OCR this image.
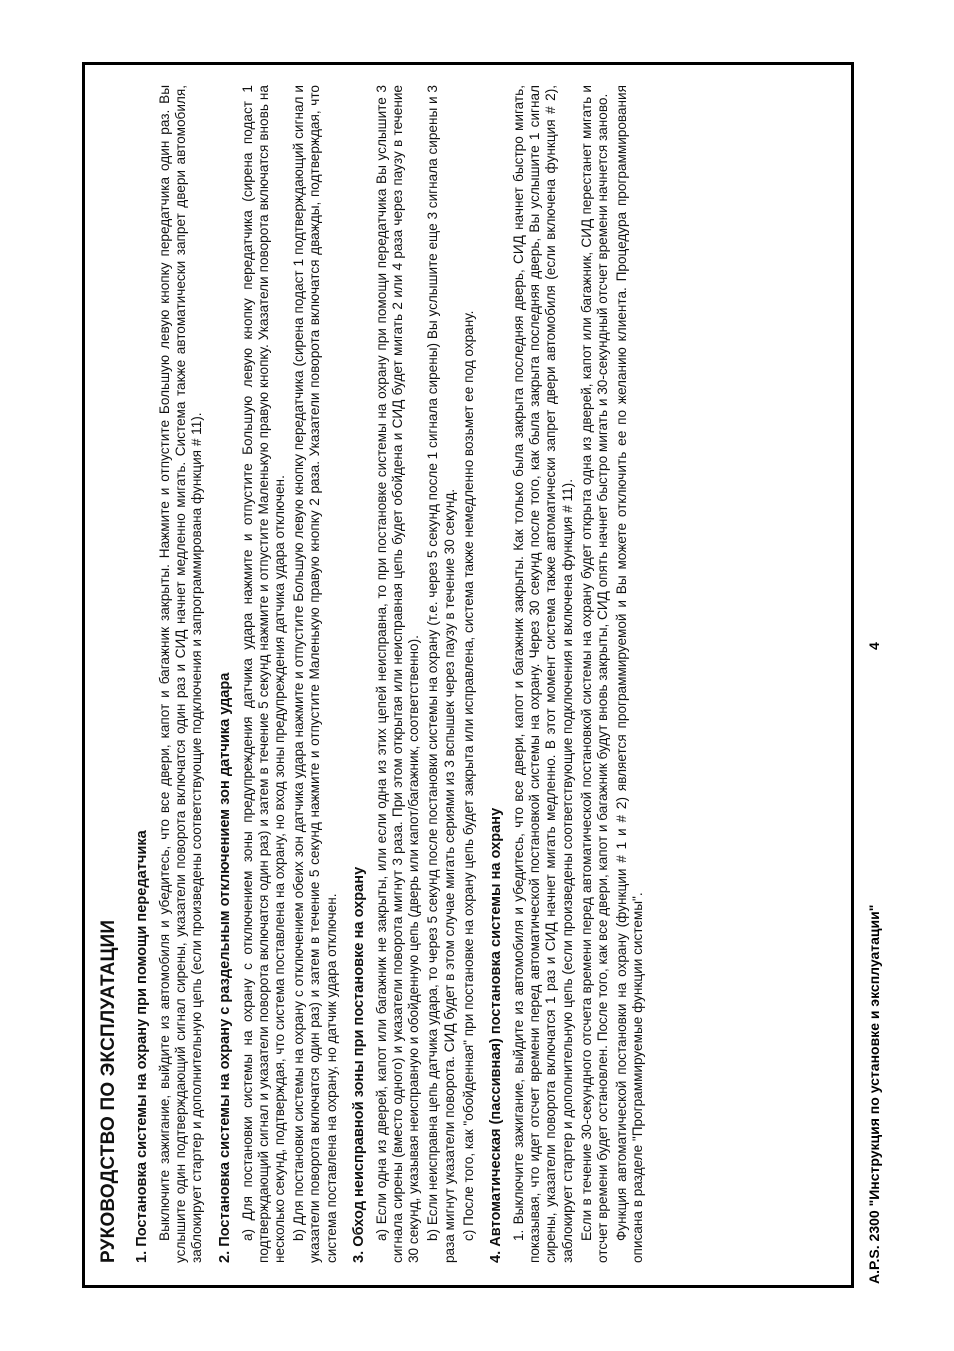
РУКОВОДСТВО ПО ЭКСПЛУАТАЦИИ 1. Постановка системы на охрану при помощи передатчика Выключите зажигание, выйдите из автомобиля и убедитесь, что все двери, капот и багажник закрыты. Нажмите и отпустите Большую левую кнопку передатчика один раз. Вы услышите один подтверждающий сигнал сирены, указатели поворота включатся один раз и СИД начнет медленно мигать. Система также автоматически запрет двери автомобиля, заблокирует стартер и дополнительную цепь (если произведены соответствующие подключения и запрограммирована функция # 11). 2. Постановка системы на охрану с раздельным отключением зон датчика удара a) Для постановки системы на охрану с отключением зоны предупреждения датчика удара нажмите и отпустите Большую левую кнопку передатчика (сирена подаст 1 подтверждающий сигнал и указатели поворота включатся один раз) и затем в течение 5 секунд нажмите и отпустите Маленькую правую кнопку. Указатели поворота включатся вновь на несколько секунд, подтверждая, что система поставлена на охрану, но вход зоны предупреждения датчика удара отключен. b) Для постановки системы на охрану с отключением обеих зон датчика удара нажмите и отпустите Большую левую кнопку передатчика (сирена подаст 1 подтверждающий сигнал и указатели поворота включатся один раз) и затем в течение 5 секунд нажмите и отпустите Маленькую правую кнопку 2 раза. Указатели поворота включатся дважды, подтверждая, что система поставлена на охрану, но датчик удара отключен. 3. Обход неисправной зоны при постановке на охрану a) Если одна из дверей, капот или багажник не закрыты, или если одна из этих цепей неисправна, то при постановке системы на охрану при помощи передатчика Вы услышите 3 сигнала сирены (вместо одного) и указатели поворота мигнут 3 раза. При этом открытая или неисправная цепь будет обойдена и СИД будет мигать 2 или 4 раза через паузу в течение 30 секунд, указывая неисправную и обойденную цепь (дверь или капот/багажник, соответственно). b) Если неисправна цепь датчика удара, то через 5 секунд после постановки системы на охрану (т.е. через 5 секунд после 1 сигнала сирены) Вы услышите еще 3 сигнала сирены и 3 раза мигнут указатели поворота. СИД будет в этом случае мигать сериями из 3 вспышек через паузу в течение 30 секунд. c) После того, как "обойденная" при постановке на охрану цепь будет закрыта или исправлена, система также немедленно возьмет ее под охрану. 4. Автоматическая (пассивная) постановка системы на охрану 1. Выключите зажигание, выйдите из автомобиля и убедитесь, что все двери, капот и багажник закрыты. Как только была закрыта последняя дверь, СИД начнет быстро мигать, показывая, что идет отсчет времени перед автоматической постановкой системы на охрану. Через 30 секунд после того, как была закрыта последняя дверь, Вы услышите 1 сигнал сирены, указатели поворота включатся 1 раз и СИД начнет мигать медленно. В этот момент система также автоматически запрет двери автомобиля (если включена функция # 2), заблокирует стартер и дополнительную цепь (если произведены соответствующие подключения и включена функция # 11). Если в течение 30-секундного отсчета времени перед автоматической постановкой системы на охрану будет открыта одна из дверей, капот или багажник, СИД перестанет мигать и отсчет времени будет остановлен. После того, как все двери, капот и багажник будут вновь закрыты, СИД опять начнет быстро мигать и 30-секундный отсчет времени начнется заново. Функция автоматической постановки на охрану (функции # 1 и # 2) является программируемой и Вы можете отключить ее по желанию клиента. Процедура программирования описана в разделе "Программируемые функции системы".	A.P.S. 2300 "Инструкция по установке и эксплуатации"
4
